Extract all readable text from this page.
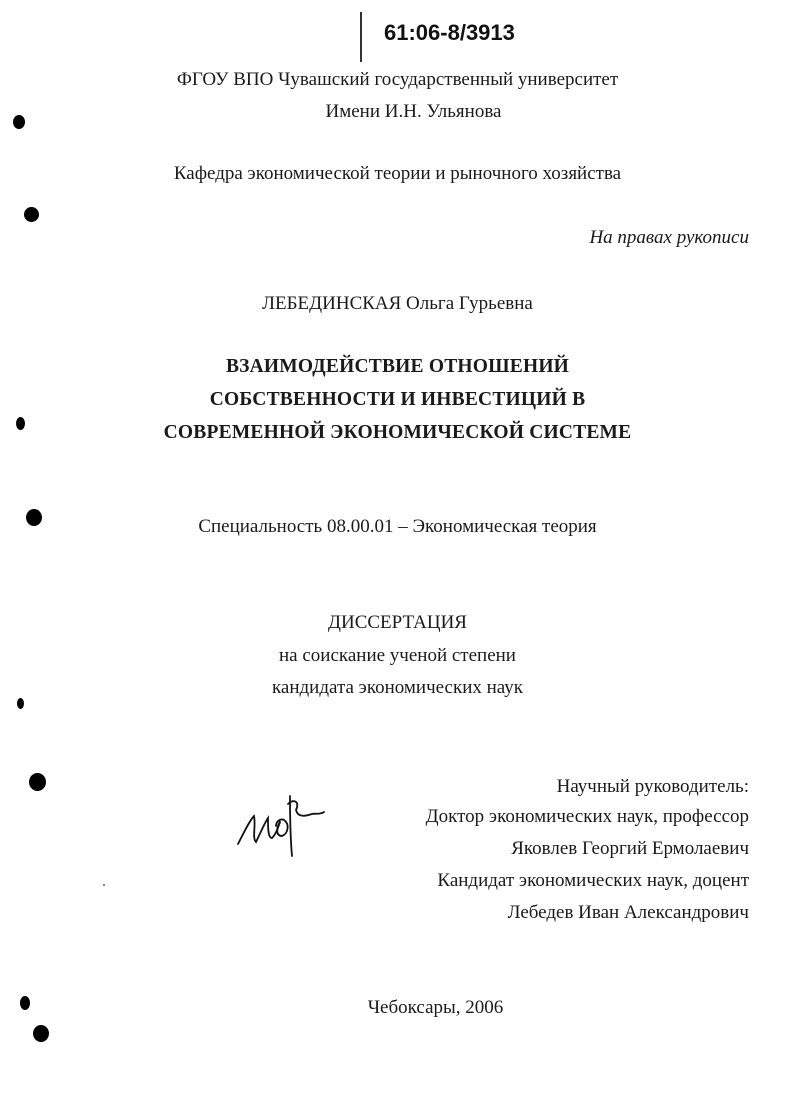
61:06-8/3913
ФГОУ ВПО Чувашский государственный университет
Имени И.Н. Ульянова
Кафедра экономической теории и рыночного хозяйства
На правах рукописи
ЛЕБЕДИНСКАЯ Ольга Гурьевна
ВЗАИМОДЕЙСТВИЕ ОТНОШЕНИЙ
СОБСТВЕННОСТИ И ИНВЕСТИЦИЙ В
СОВРЕМЕННОЙ ЭКОНОМИЧЕСКОЙ СИСТЕМЕ
Специальность 08.00.01 – Экономическая теория
ДИССЕРТАЦИЯ
на соискание ученой степени
кандидата экономических наук
Научный руководитель:
Доктор экономических наук, профессор
Яковлев Георгий Ермолаевич
Кандидат экономических наук, доцент
Лебедев Иван Александрович
Чебоксары, 2006
